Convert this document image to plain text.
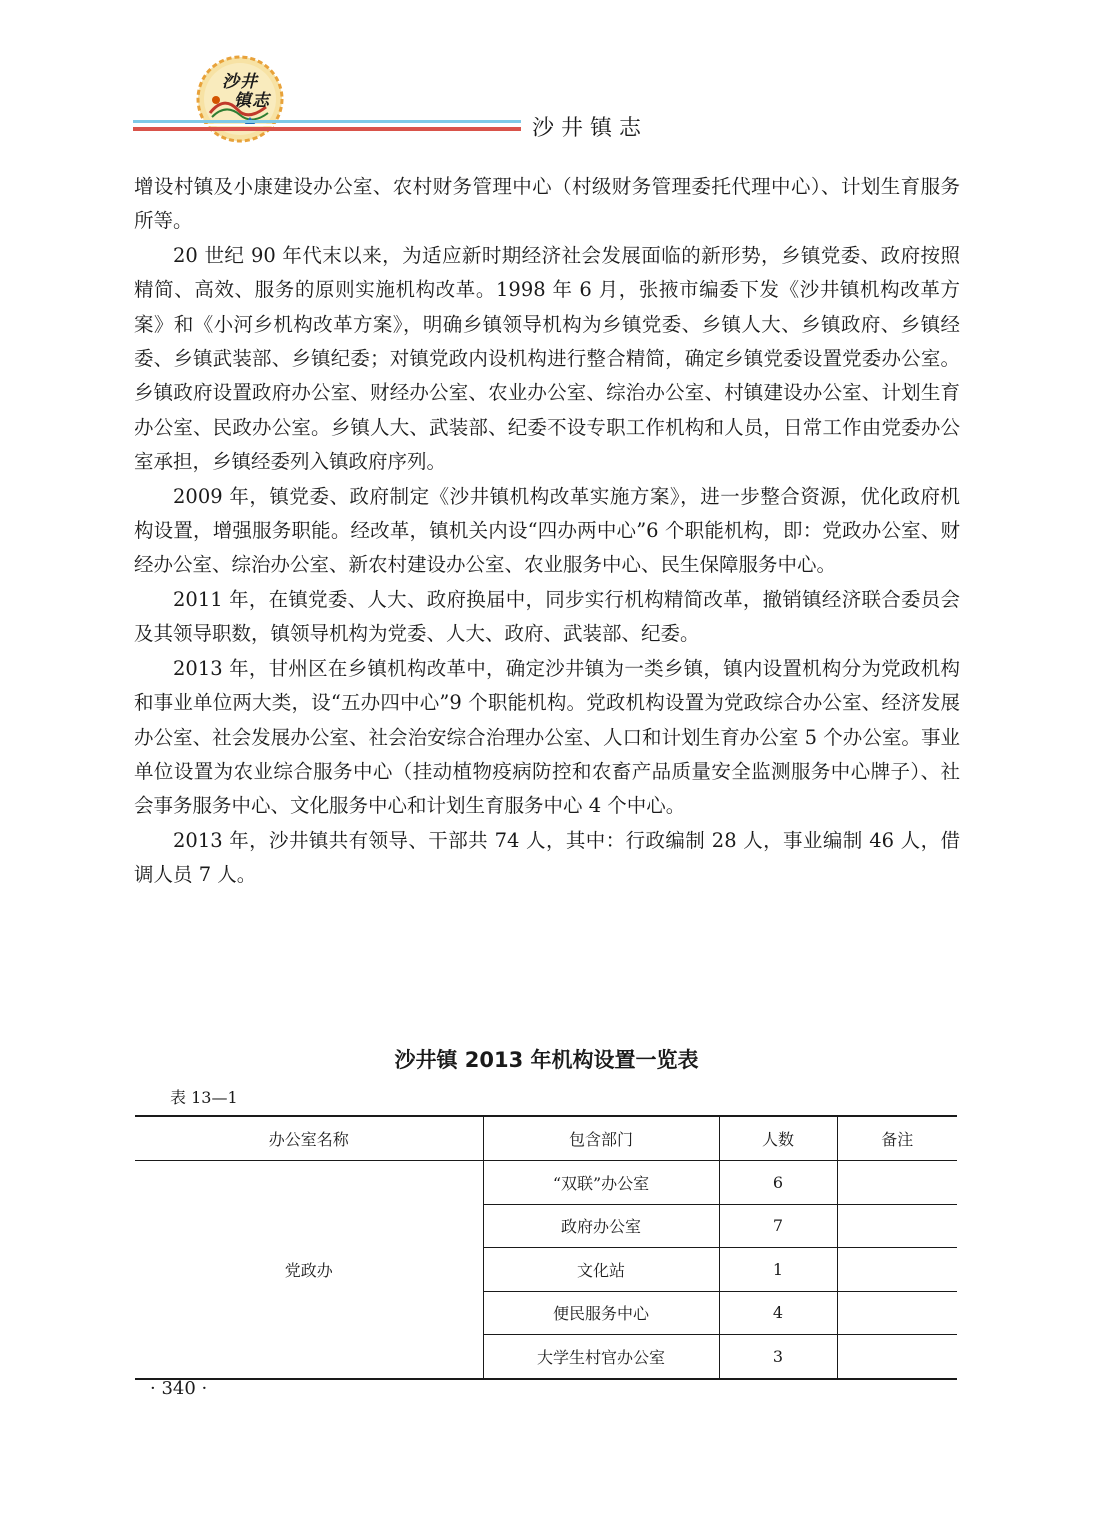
沙井
镇志
沙井镇志

增设村镇及小康建设办公室、农村财务管理中心（村级财务管理委托代理中心）、计划生育服务所等。

20 世纪 90 年代末以来，为适应新时期经济社会发展面临的新形势，乡镇党委、政府按照精简、高效、服务的原则实施机构改革。1998 年 6 月，张掖市编委下发《沙井镇机构改革方案》和《小河乡机构改革方案》，明确乡镇领导机构为乡镇党委、乡镇人大、乡镇政府、乡镇经委、乡镇武装部、乡镇纪委；对镇党政内设机构进行整合精简，确定乡镇党委设置党委办公室。乡镇政府设置政府办公室、财经办公室、农业办公室、综治办公室、村镇建设办公室、计划生育办公室、民政办公室。乡镇人大、武装部、纪委不设专职工作机构和人员，日常工作由党委办公室承担，乡镇经委列入镇政府序列。

2009 年，镇党委、政府制定《沙井镇机构改革实施方案》，进一步整合资源，优化政府机构设置，增强服务职能。经改革，镇机关内设“四办两中心”6 个职能机构，即：党政办公室、财经办公室、综治办公室、新农村建设办公室、农业服务中心、民生保障服务中心。

2011 年，在镇党委、人大、政府换届中，同步实行机构精简改革，撤销镇经济联合委员会及其领导职数，镇领导机构为党委、人大、政府、武装部、纪委。

2013 年，甘州区在乡镇机构改革中，确定沙井镇为一类乡镇，镇内设置机构分为党政机构和事业单位两大类，设“五办四中心”9 个职能机构。党政机构设置为党政综合办公室、经济发展办公室、社会发展办公室、社会治安综合治理办公室、人口和计划生育办公室 5 个办公室。事业单位设置为农业综合服务中心（挂动植物疫病防控和农畜产品质量安全监测服务中心牌子）、社会事务服务中心、文化服务中心和计划生育服务中心 4 个中心。

2013 年，沙井镇共有领导、干部共 74 人，其中：行政编制 28 人，事业编制 46 人，借调人员 7 人。

沙井镇 2013 年机构设置一览表
表 13—1
办公室名称	包含部门	人数	备注
党政办	“双联”办公室	6	
	政府办公室	7	
	文化站	1	
	便民服务中心	4	
	大学生村官办公室	3	
· 340 ·
